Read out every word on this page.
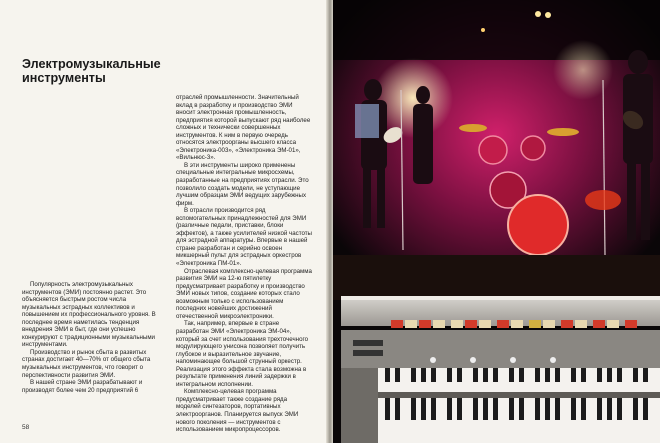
Электромузыкальные инструменты

Популярность электромузыкальных инструментов (ЭМИ) постоянно растет. Это объясняется быстрым ростом числа музыкальных эстрадных коллективов и повышением их профессионального уровня. В последнее время наметилась тенденция внедрения ЭМИ в быт, где они успешно конкурируют с традиционными музыкальными инструментами.

Производство и рынок сбыта в развитых странах достигает 40—70% от общего сбыта музыкальных инструментов, что говорит о перспективности развития ЭМИ.

В нашей стране ЭМИ разрабатывают и производят более чем 20 предприятий 6

отраслей промышленности. Значительный вклад в разработку и производство ЭМИ вносит электронная промышленность, предприятия которой выпускают ряд наиболее сложных и технически совершенных инструментов. К ним в первую очередь относятся электроорганы высшего класса «Электроника-003», «Электроника ЭМ-01», «Вильнюс-3».

В эти инструменты широко применены специальные интегральные микросхемы, разработанные на предприятиях отрасли. Это позволило создать модели, не уступающие лучшим образцам ЭМИ ведущих зарубежных фирм.

В отрасли производится ряд вспомогательных принадлежностей для ЭМИ (различные педали, приставки, блоки эффектов), а также усилителей низкой частоты для эстрадной аппаратуры. Впервые в нашей стране разработан и серийно освоен микшерный пульт для эстрадных оркестров «Электроника ПМ-01».

Отраслевая комплексно-целевая программа развития ЭМИ на 12-ю пятилетку предусматривает разработку и производство ЭМИ новых типов, создание которых стало возможным только с использованием последних новейших достижений отечественной микроэлектроники.

Так, например, впервые в стране разработан ЭМИ «Электроника ЭМ-04», который за счет использования трехточечного модулирующего унисона позволяет получить глубокое и выразительное звучание, напоминающее большой струнный оркестр. Реализация этого эффекта стала возможна в результате применения линий задержки в интегральном исполнении.

Комплексно-целевая программа предусматривает также создание ряда моделей синтезаторов, портативных электроорганов. Планируется выпуск ЭМИ нового поколения — инструментов с использованием микропроцессоров.

58
